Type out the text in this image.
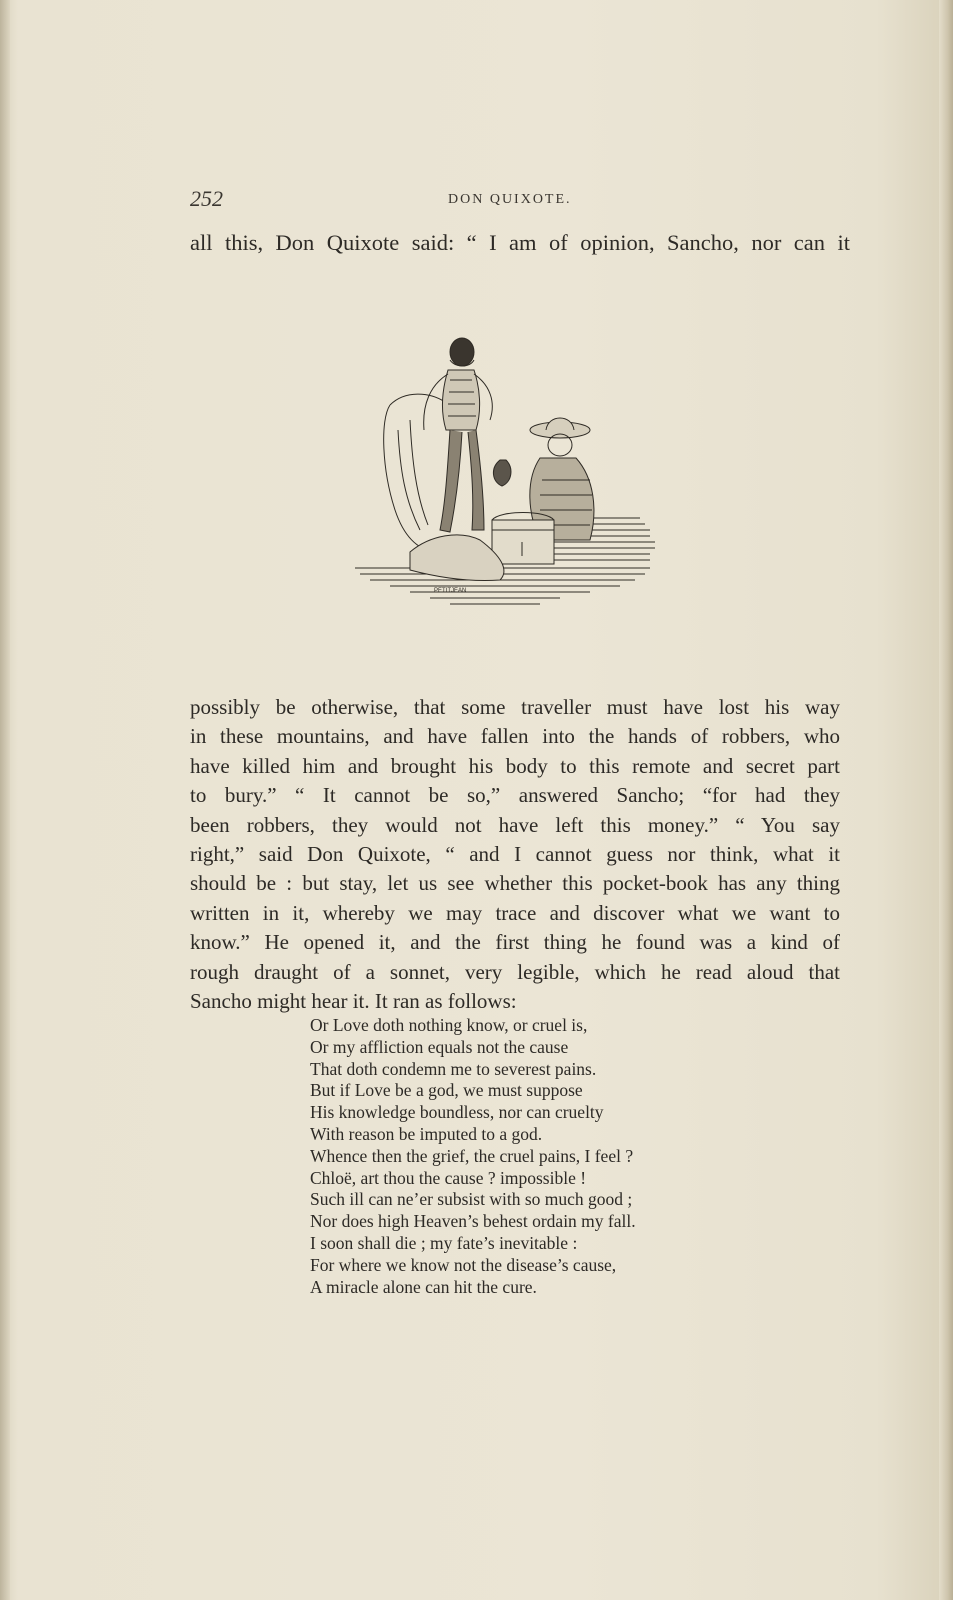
252	DON QUIXOTE.
all this, Don Quixote said: “ I am of opinion, Sancho, nor can it
PETITJEAN
possibly be otherwise, that some traveller must have lost his way
in these mountains, and have fallen into the hands of robbers, who
have killed him and brought his body to this remote and secret part
to bury.” “ It cannot be so,” answered Sancho; “for had they
been robbers, they would not have left this money.” “ You say
right,” said Don Quixote, “ and I cannot guess nor think, what it
should be : but stay, let us see whether this pocket-book has any thing
written in it, whereby we may trace and discover what we want to
know.” He opened it, and the first thing he found was a kind of
rough draught of a sonnet, very legible, which he read aloud that
Sancho might hear it. It ran as follows:
Or Love doth nothing know, or cruel is,
Or my affliction equals not the cause
That doth condemn me to severest pains.
But if Love be a god, we must suppose
His knowledge boundless, nor can cruelty
With reason be imputed to a god.
Whence then the grief, the cruel pains, I feel ?
Chloë, art thou the cause ? impossible !
Such ill can ne’er subsist with so much good ;
Nor does high Heaven’s behest ordain my fall.
I soon shall die ; my fate’s inevitable :
For where we know not the disease’s cause,
A miracle alone can hit the cure.
